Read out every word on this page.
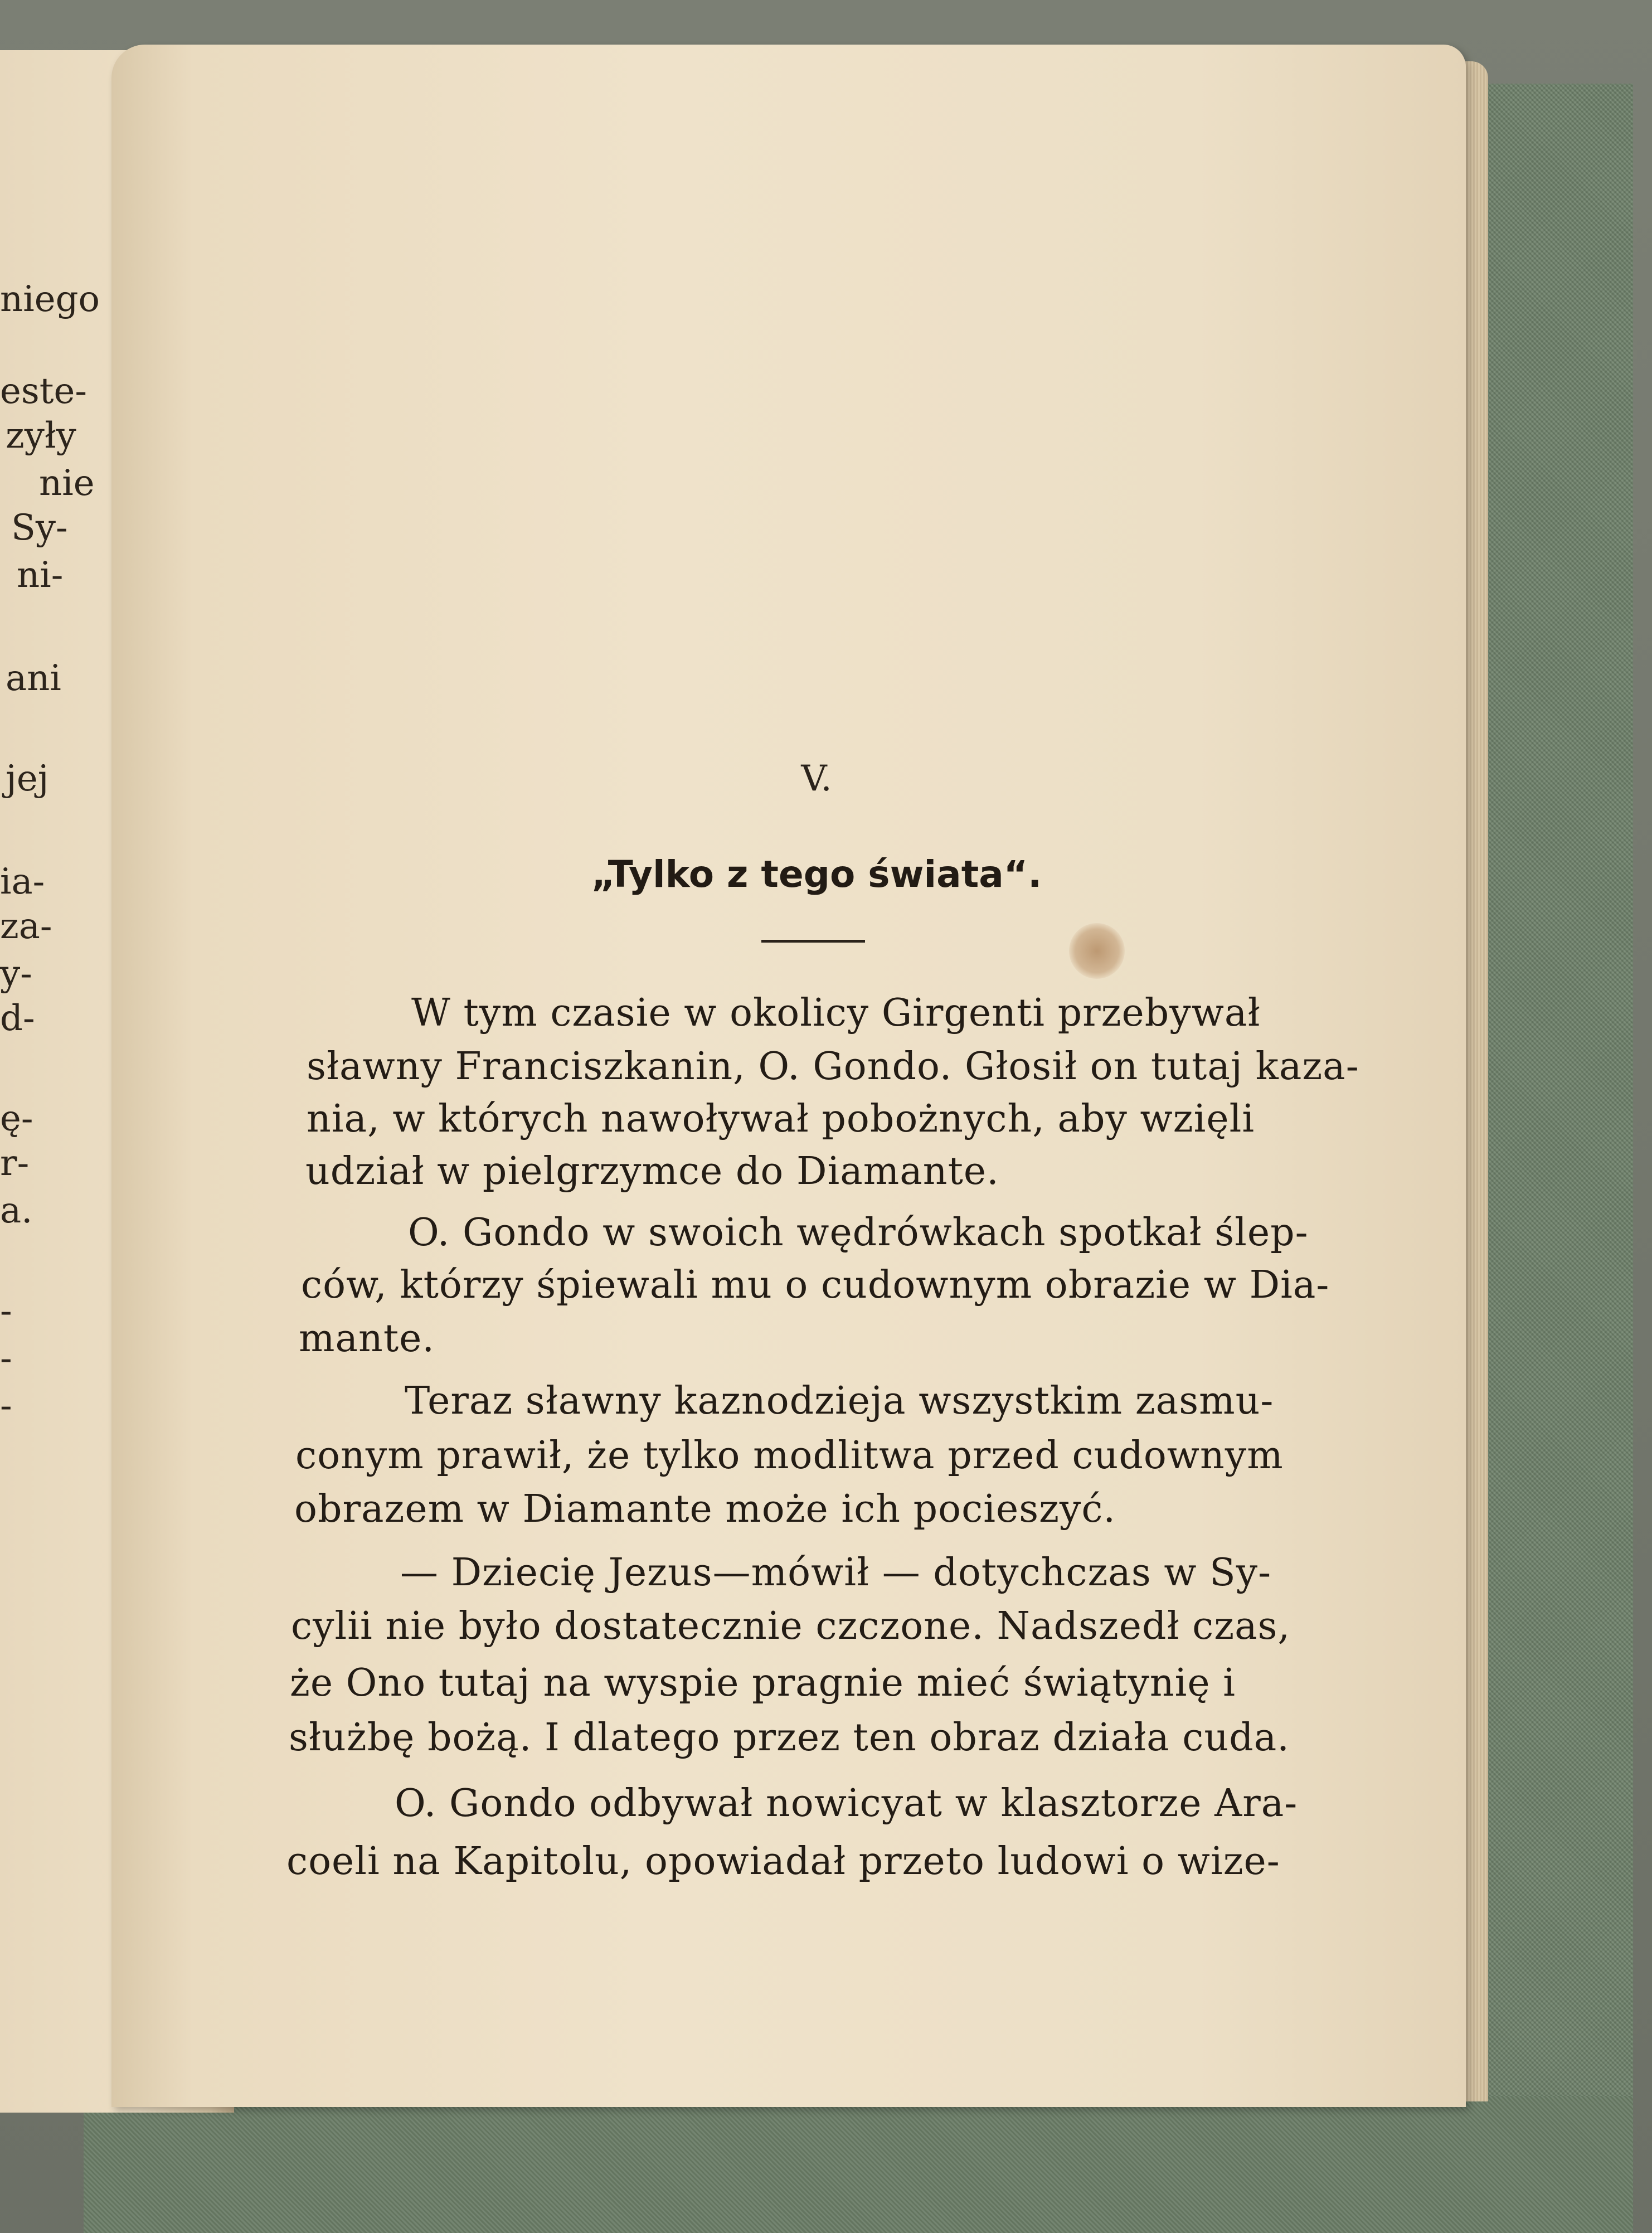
niego
este-
zyły
nie
Sy-
ni-
ani
jej
ia-
za-
y-
d-
ę-
r-
a.
-
-
-
V.
„Tylko z tego świata“.
W tym czasie w okolicy Girgenti przebywał
sławny Franciszkanin, O. Gondo. Głosił on tutaj kaza-
nia, w których nawoływał pobożnych, aby wzięli
udział w pielgrzymce do Diamante.
O. Gondo w swoich wędrówkach spotkał ślep-
ców, którzy śpiewali mu o cudownym obrazie w Dia-
mante.
Teraz sławny kaznodzieja wszystkim zasmu-
conym prawił, że tylko modlitwa przed cudownym
obrazem w Diamante może ich pocieszyć.
— Dziecię Jezus—mówił — dotychczas w Sy-
cylii nie było dostatecznie czczone. Nadszedł czas,
że Ono tutaj na wyspie pragnie mieć świątynię i
służbę bożą. I dlatego przez ten obraz działa cuda.
O. Gondo odbywał nowicyat w klasztorze Ara-
coeli na Kapitolu, opowiadał przeto ludowi o wize-
